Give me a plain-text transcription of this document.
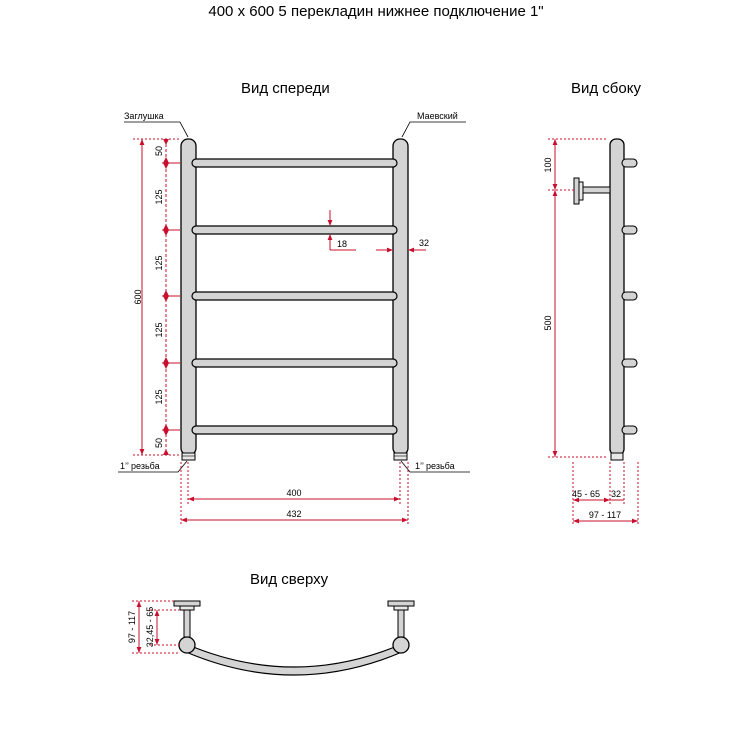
400 x 600 5 перекладин нижнее подключение 1"
Вид спереди	Вид сбоку
Вид сверху
Заглушка	Маевский
1’’ резьба	1’’ резьба
600
50
125
125
125
125
50
18	32
400
432
100
500
45 - 65 32
97 - 117
97 - 117 32,45 - 65
